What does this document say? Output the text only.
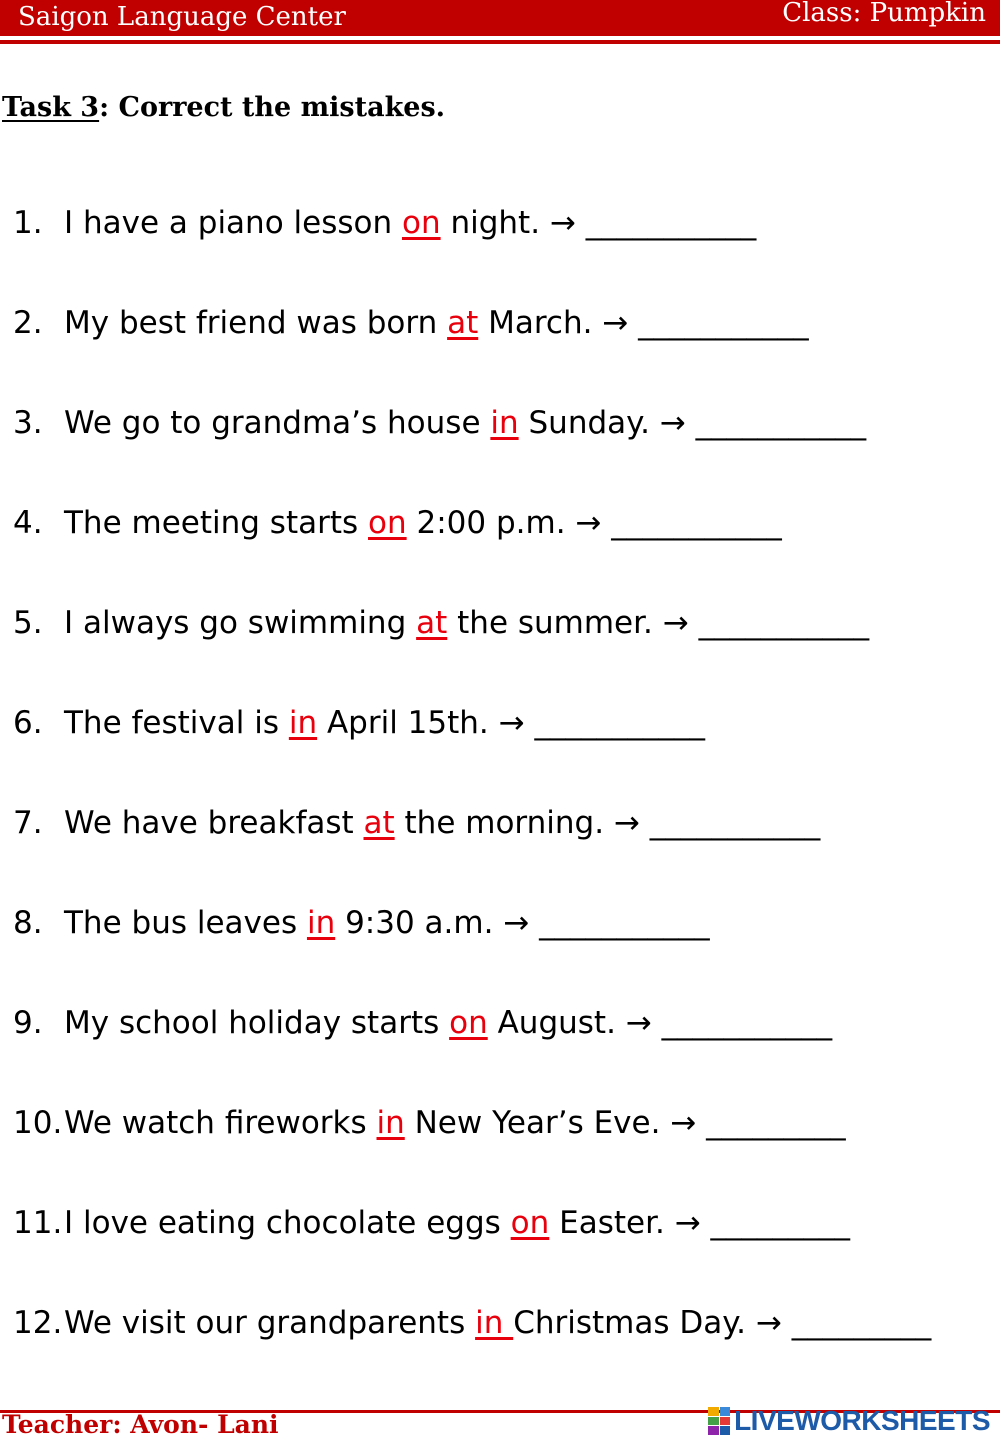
Saigon Language Center	Class: Pumpkin
Task 3: Correct the mistakes.
1. I have a piano lesson on night. → ___________
2. My best friend was born at March. → ___________
3. We go to grandma’s house in Sunday. → ___________
4. The meeting starts on 2:00 p.m. → ___________
5. I always go swimming at the summer. → ___________
6. The festival is in April 15th. → ___________
7. We have breakfast at the morning. → ___________
8. The bus leaves in 9:30 a.m. → ___________
9. My school holiday starts on August. → ___________
10. We watch fireworks in New Year’s Eve. → _________
11. I love eating chocolate eggs on Easter. → _________
12. We visit our grandparents in Christmas Day. → _________
Teacher: Avon- Lani	LIVEWORKSHEETS
